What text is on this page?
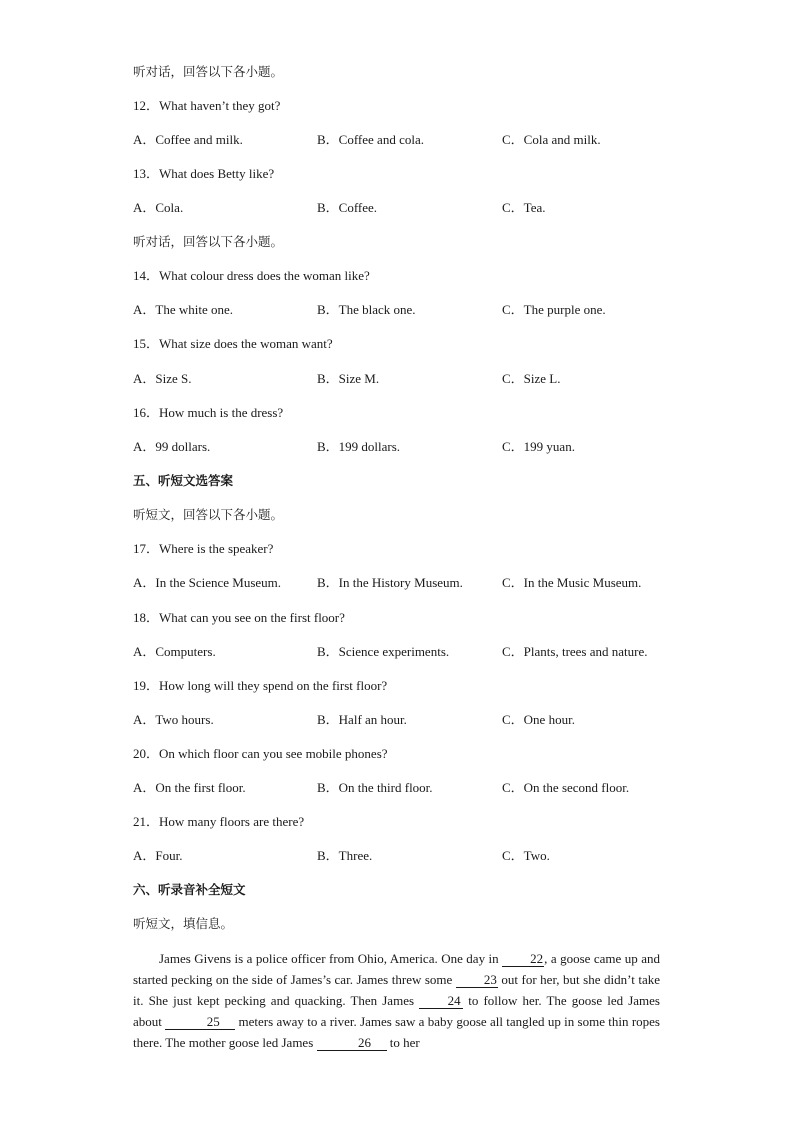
听对话，回答以下各小题。
12．What haven’t they got?
A．Coffee and milk.	B．Coffee and cola.	C．Cola and milk.
13．What does Betty like?
A．Cola.	B．Coffee.	C．Tea.
听对话，回答以下各小题。
14．What colour dress does the woman like?
A．The white one.	B．The black one.	C．The purple one.
15．What size does the woman want?
A．Size S.	B．Size M.	C．Size L.
16．How much is the dress?
A．99 dollars.	B．199 dollars.	C．199 yuan.
五、听短文选答案
听短文，回答以下各小题。
17．Where is the speaker?
A．In the Science Museum.	B．In the History Museum.	C．In the Music Museum.
18．What can you see on the first floor?
A．Computers.	B．Science experiments.	C．Plants, trees and nature.
19．How long will they spend on the first floor?
A．Two hours.	B．Half an hour.	C．One hour.
20．On which floor can you see mobile phones?
A．On the first floor.	B．On the third floor.	C．On the second floor.
21．How many floors are there?
A．Four.	B．Three.	C．Two.
六、听录音补全短文
听短文，填信息。

James Givens is a police officer from Ohio, America. One day in 22, a goose came up and started pecking on the side of James’s car. James threw some 23 out for her, but she didn’t take it. She just kept pecking and quacking. Then James 24 to follow her. The goose led James about	25 meters away to a river. James saw a baby goose all tangled up in some thin ropes there. The mother goose led James	26 to her
